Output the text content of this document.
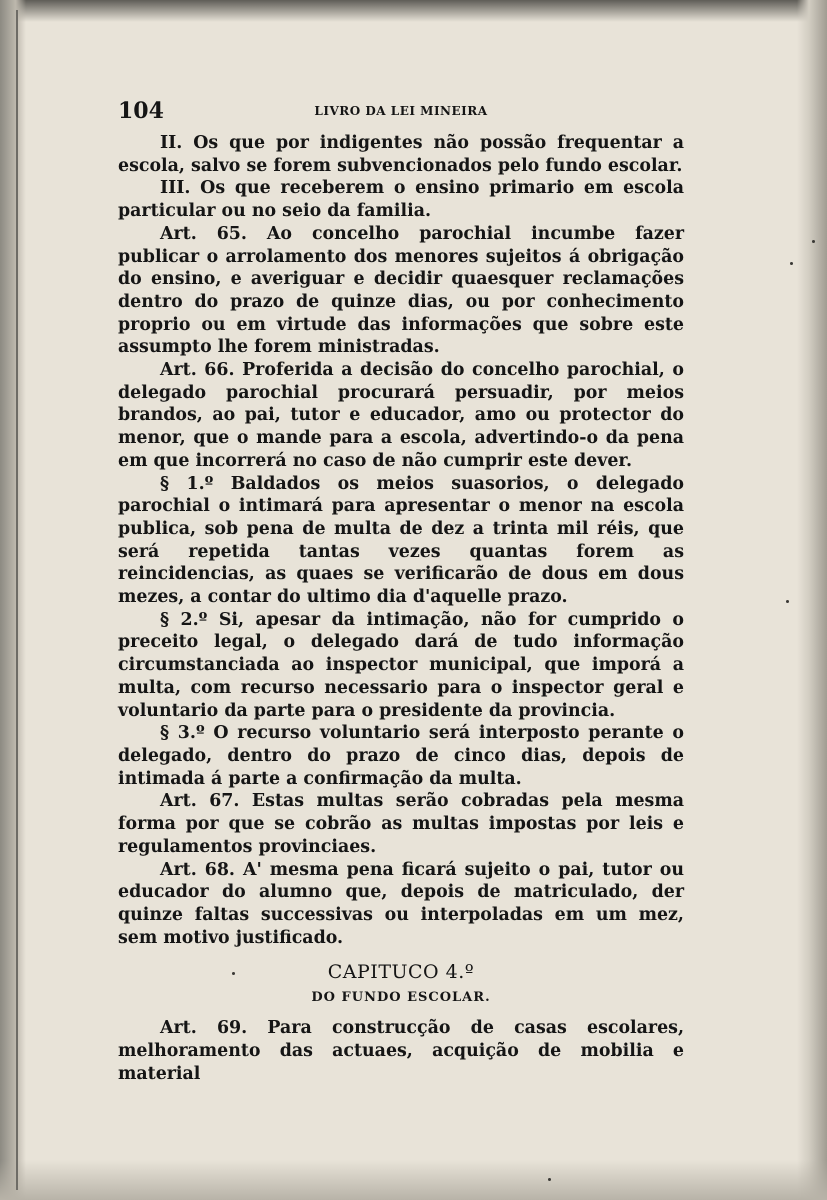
104	LIVRO DA LEI MINEIRA

II. Os que por indigentes não possão frequentar a escola, salvo se forem subvencionados pelo fundo escolar.

III. Os que receberem o ensino primario em escola particular ou no seio da familia.

Art. 65. Ao concelho parochial incumbe fazer publicar o arrolamento dos menores sujeitos á obrigação do ensino, e averiguar e decidir quaesquer reclamações dentro do prazo de quinze dias, ou por conhecimento proprio ou em virtude das informações que sobre este assumpto lhe forem ministradas.

Art. 66. Proferida a decisão do concelho parochial, o delegado parochial procurará persuadir, por meios brandos, ao pai, tutor e educador, amo ou protector do menor, que o mande para a escola, advertindo-o da pena em que incorrerá no caso de não cumprir este dever.

§ 1.º Baldados os meios suasorios, o delegado parochial o intimará para apresentar o menor na escola publica, sob pena de multa de dez a trinta mil réis, que será repetida tantas vezes quantas forem as reincidencias, as quaes se verificarão de dous em dous mezes, a contar do ultimo dia d'aquelle prazo.

§ 2.º Si, apesar da intimação, não for cumprido o preceito legal, o delegado dará de tudo informação circumstanciada ao inspector municipal, que imporá a multa, com recurso necessario para o inspector geral e voluntario da parte para o presidente da provincia.

§ 3.º O recurso voluntario será interposto perante o delegado, dentro do prazo de cinco dias, depois de intimada á parte a confirmação da multa.

Art. 67. Estas multas serão cobradas pela mesma forma por que se cobrão as multas impostas por leis e regulamentos provinciaes.

Art. 68. A' mesma pena ficará sujeito o pai, tutor ou educador do alumno que, depois de matriculado, der quinze faltas successivas ou interpoladas em um mez, sem motivo justificado.

CAPITUCO 4.º
DO FUNDO ESCOLAR.

Art. 69. Para construcção de casas escolares, melhoramento das actuaes, acquição de mobilia e material
